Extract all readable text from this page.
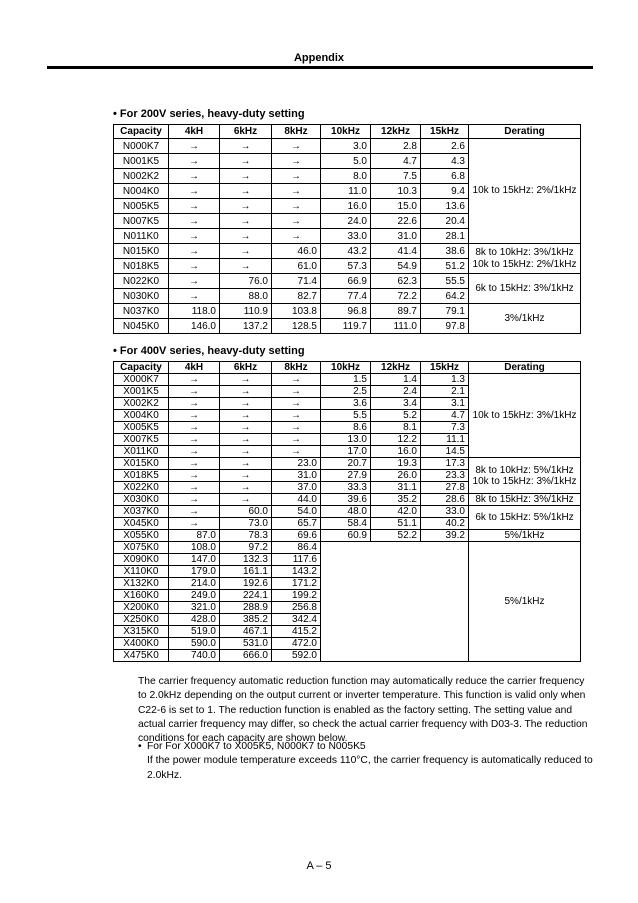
Appendix
• For 200V series, heavy-duty setting
Capacity	4kH	6kHz	8kHz	10kHz	12kHz	15kHz	Derating
N000K7	→	→	→	3.0	2.8	2.6	10k to 15kHz: 2%/1kHz

N001K5	→	→	→	5.0	4.7	4.3	
N002K2	→	→	→	8.0	7.5	6.8	
N004K0	→	→	→	11.0	10.3	9.4	
N005K5	→	→	→	16.0	15.0	13.6	
N007K5	→	→	→	24.0	22.6	20.4	
N011K0	→	→	→	33.0	31.0	28.1	
N015K0	→	→	46.0	43.2	41.4	38.6	8k to 10kHz: 3%/1kHz
10k to 15kHz: 2%/1kHz

N018K5	→	→	61.0	57.3	54.9	51.2	
N022K0	→	76.0	71.4	66.9	62.3	55.5	6k to 15kHz: 3%/1kHz

N030K0	→	88.0	82.7	77.4	72.2	64.2	
N037K0	118.0	110.9	103.8	96.8	89.7	79.1	3%/1kHz

N045K0	146.0	137.2	128.5	119.7	111.0	97.8	
• For 400V series, heavy-duty setting
Capacity	4kH	6kHz	8kHz	10kHz	12kHz	15kHz	Derating
X000K7	→	→	→	1.5	1.4	1.3	10k to 15kHz: 3%/1kHz

X001K5	→	→	→	2.5	2.4	2.1	
X002K2	→	→	→	3.6	3.4	3.1	
X004K0	→	→	→	5.5	5.2	4.7	
X005K5	→	→	→	8.6	8.1	7.3	
X007K5	→	→	→	13.0	12.2	11.1	
X011K0	→	→	→	17.0	16.0	14.5	
X015K0	→	→	23.0	20.7	19.3	17.3	8k to 10kHz: 5%/1kHz
10k to 15kHz: 3%/1kHz

X018K5	→	→	31.0	27.9	26.0	23.3	
X022K0	→	→	37.0	33.3	31.1	27.8	
X030K0	→	→	44.0	39.6	35.2	28.6	8k to 15kHz: 3%/1kHz

X037K0	→	60.0	54.0	48.0	42.0	33.0	6k to 15kHz: 5%/1kHz

X045K0	→	73.0	65.7	58.4	51.1	40.2	
X055K0	87.0	78.3	69.6	60.9	52.2	39.2	5%/1kHz

X075K0	108.0	97.2	86.4				5%/1kHz

X090K0	147.0	132.3	117.6				
X110K0	179.0	161.1	143.2				
X132K0	214.0	192.6	171.2				
X160K0	249.0	224.1	199.2				
X200K0	321.0	288.9	256.8				
X250K0	428.0	385.2	342.4				
X315K0	519.0	467.1	415.2				
X400K0	590.0	531.0	472.0				
X475K0	740.0	666.0	592.0				
The carrier frequency automatic reduction function may automatically reduce the carrier frequency to 2.0kHz depending on the output current or inverter temperature. This function is valid only when C22-6 is set to 1. The reduction function is enabled as the factory setting. The setting value and actual carrier frequency may differ, so check the actual carrier frequency with D03-3. The reduction conditions for each capacity are shown below.
• For For X000K7 to X005K5, N000K7 to N005K5
If the power module temperature exceeds 110°C, the carrier frequency is automatically reduced to 2.0kHz.
A – 5
